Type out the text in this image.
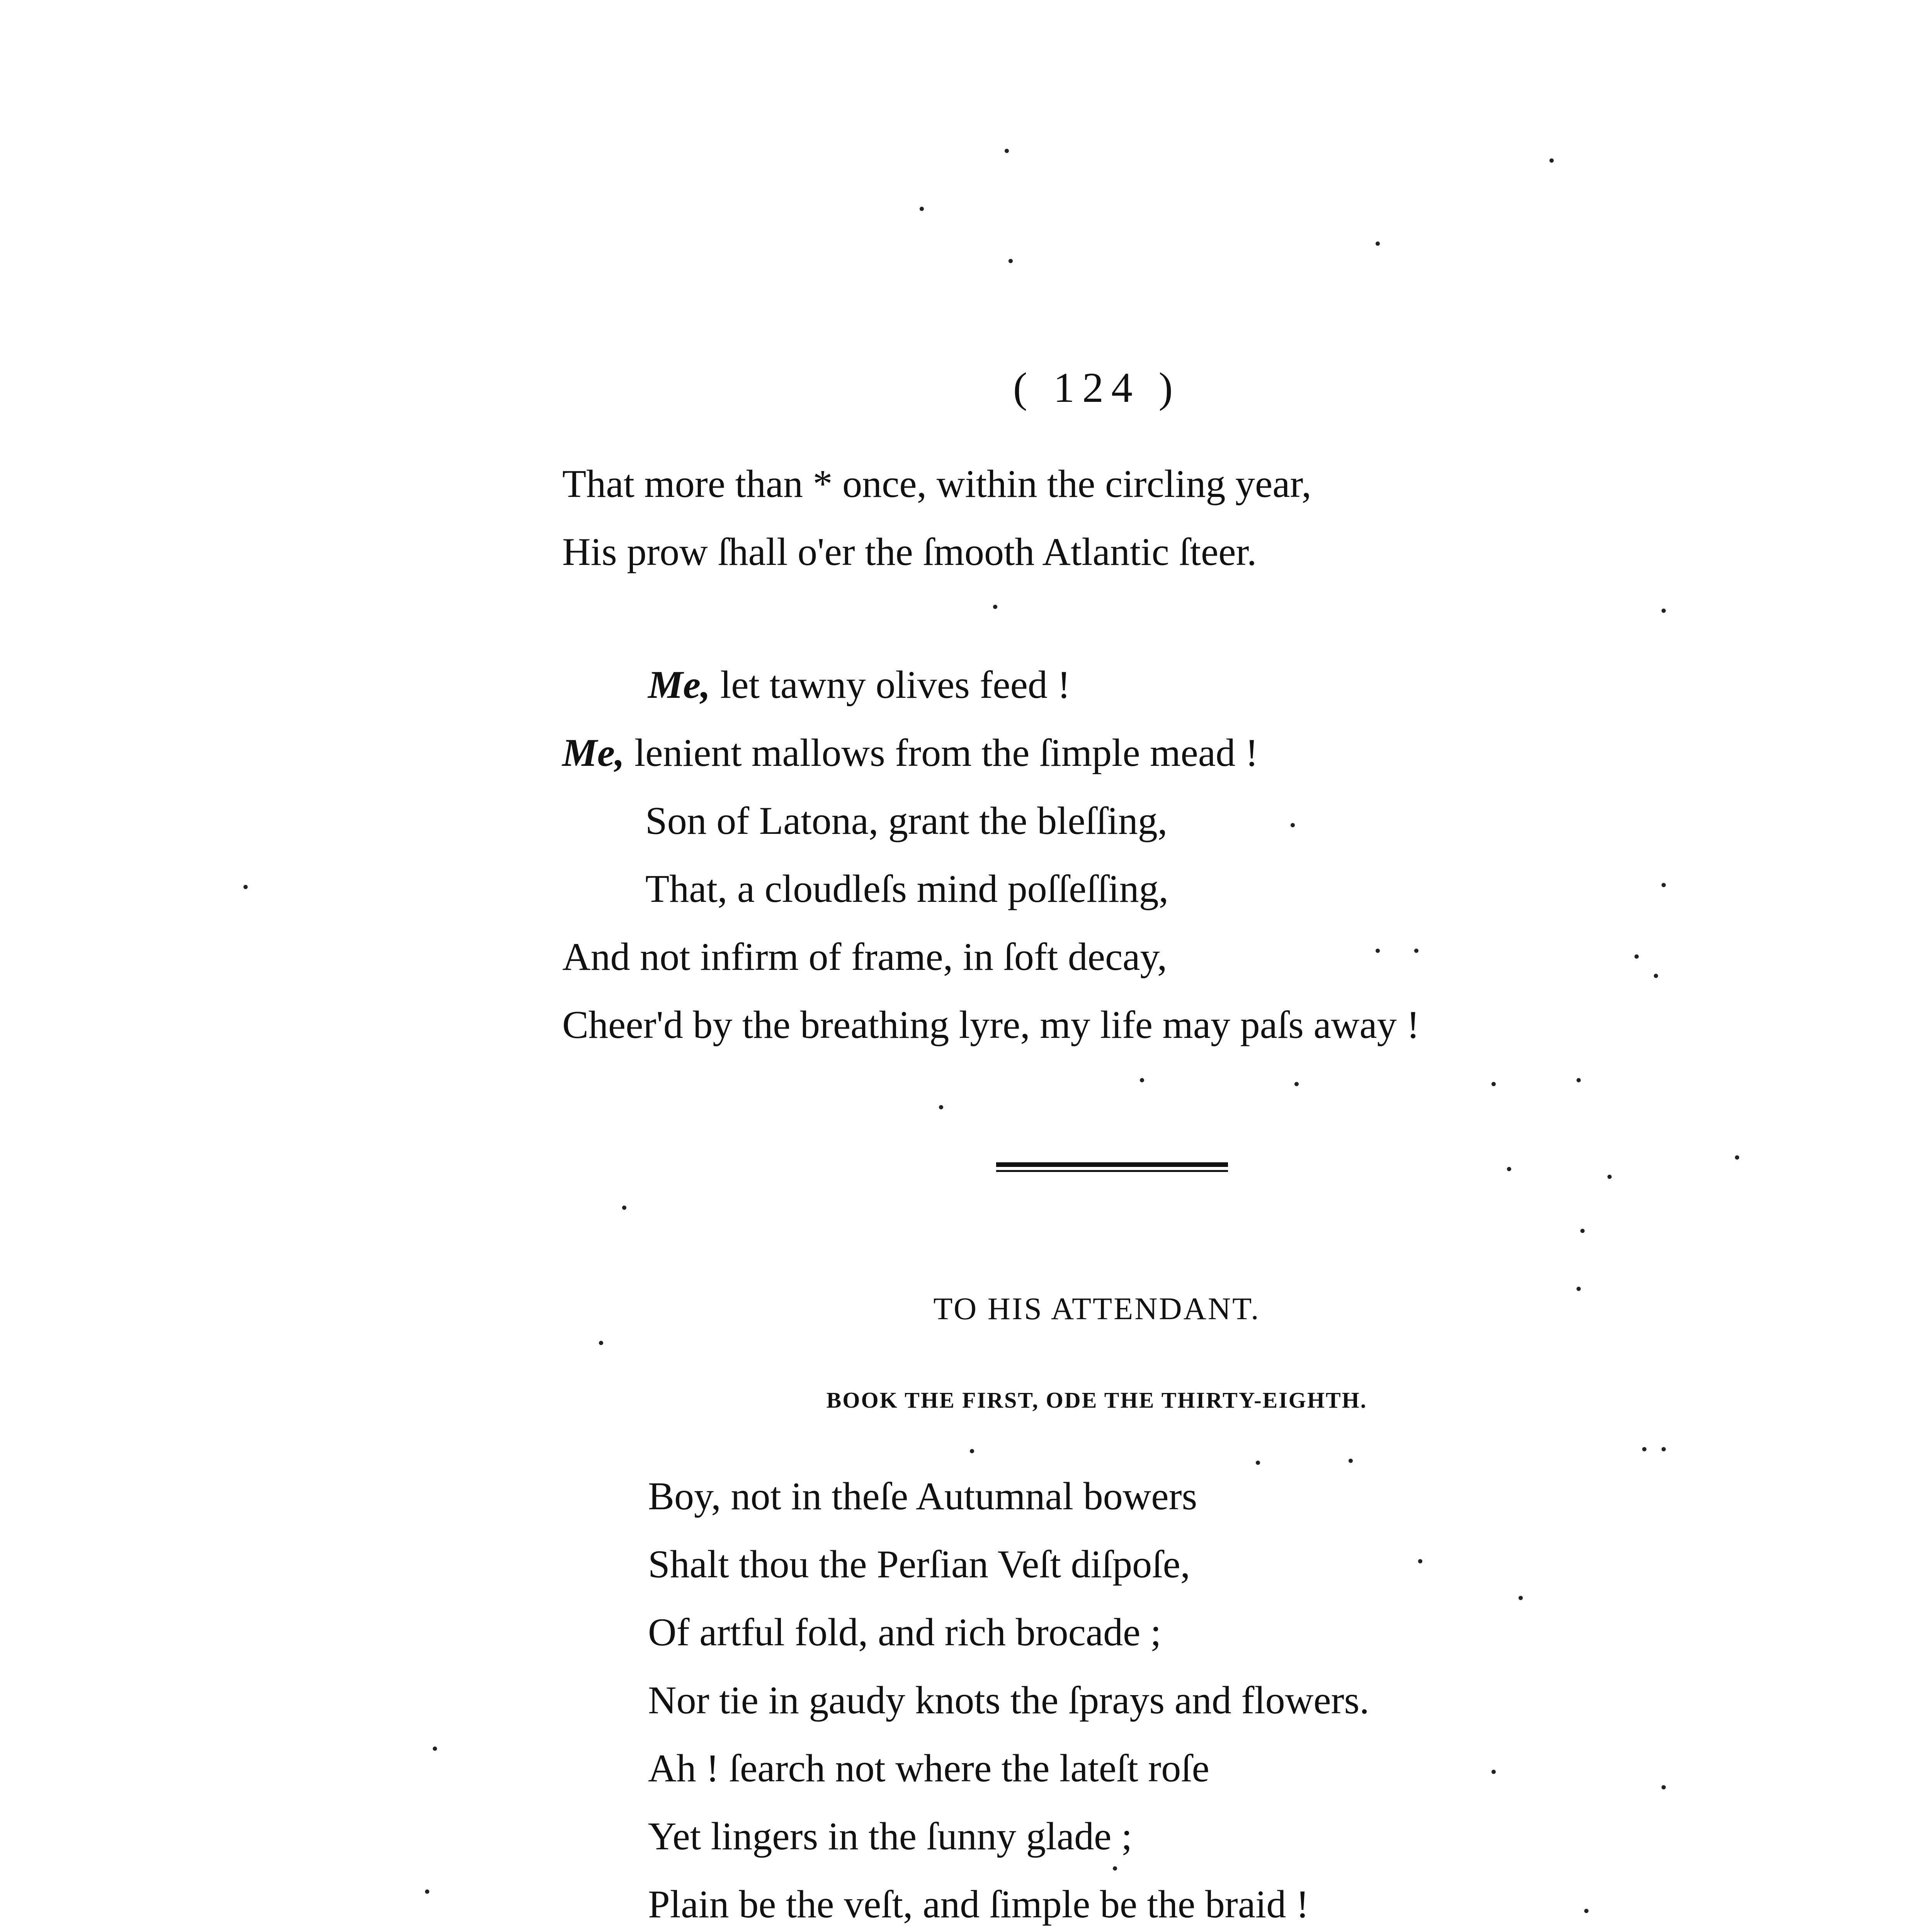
( 124 )
That more than * once, within the circling year,
His prow ſhall o'er the ſmooth Atlantic ſteer.
Me, let tawny olives feed !
Me, lenient mallows from the ſimple mead !
Son of Latona, grant the bleſſing,
That, a cloudleſs mind poſſeſſing,
And not infirm of frame, in ſoft decay,
Cheer'd by the breathing lyre, my life may paſs away !
TO HIS ATTENDANT.
BOOK THE FIRST, ODE THE THIRTY-EIGHTH.
Boy, not in theſe Autumnal bowers
Shalt thou the Perſian Veſt diſpoſe,
Of artful fold, and rich brocade ;
Nor tie in gaudy knots the ſprays and flowers.
Ah ! ſearch not where the lateſt roſe
Yet lingers in the ſunny glade ;
Plain be the veſt, and ſimple be the braid !
